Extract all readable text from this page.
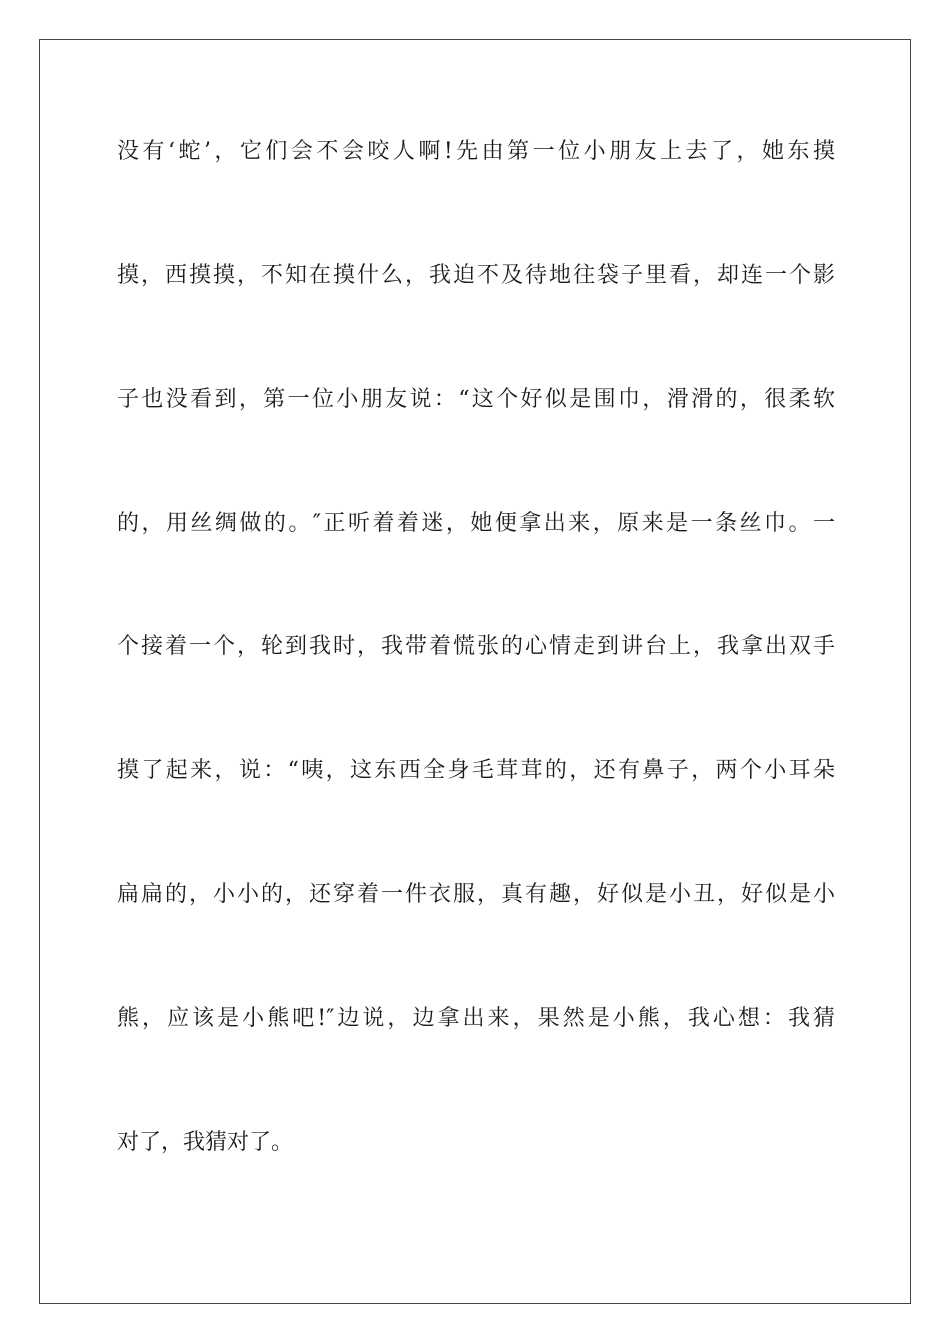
没有‘蛇’，它们会不会咬人啊!先由第一位小朋友上去了，她东摸
摸，西摸摸，不知在摸什么，我迫不及待地往袋子里看，却连一个影
子也没看到，第一位小朋友说：“这个好似是围巾，滑滑的，很柔软
的，用丝绸做的。″正听着着迷，她便拿出来，原来是一条丝巾。一
个接着一个，轮到我时，我带着慌张的心情走到讲台上，我拿出双手
摸了起来，说：“咦，这东西全身毛茸茸的，还有鼻子，两个小耳朵
扁扁的，小小的，还穿着一件衣服，真有趣，好似是小丑，好似是小
熊，应该是小熊吧!″边说，边拿出来，果然是小熊，我心想：我猜
对了，我猜对了。
